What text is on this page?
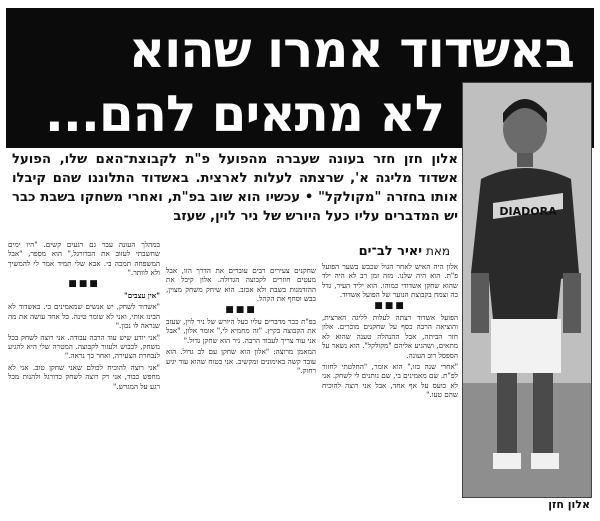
באשדוד אמרו שהוא
לא מתאים להם...
DIADORA
אלון חזן
אלון חזן חזר בעונה שעברה מהפועל פ"ת לקבוצת־האם שלו, הפועל אשדוד מליגה א', שרצתה לעלות לארצית. באשדוד התלוננו שהם קיבלו אותו בחזרה "מקולקל" • עכשיו הוא שוב בפ"ת, ואחרי משחקו בשבת כבר יש המדברים עליו כעל היורש של ניר לוין, שעזב
מאת יאיר לב־ים

אלון היה האיש לאחר הגול שכבש בשער הפועל פ"ת. הוא היה שלנו. מזה זמן רב לא היה ילד שהוא שחקן אשדודי כמוהו. הוא יליד העיר, גדל בה וצמח בקבוצת הנוער של הפועל אשדוד.

■■■

הפועל אשדוד רצתה לעלות לליגה הארצית, והוציאה הרבה כסף על שחקנים מוכרים. אלון חזר הביתה, אבל ההנהלה טענה שהוא לא מתאים, ושהגיע אליהם "מקולקל". הוא נשאר על הספסל רוב העונה.

"אחרי שנה כזו," הוא אומר, "החלטתי לחזור לפ"ת. שם מאמינים בי, שם נותנים לי לשחק. אני לא כועס על אף אחד, אבל אני רוצה להוכיח שהם טעו."

שחקנים צעירים רבים עוברים את הדרך הזו, אבל מעטים חוזרים לקבוצה הגדולה. אלון קיבל את ההזדמנות בשבת ולא אכזב. הוא שיחק משחק מצוין, כבש וסחף את הקהל.

■■■

בפ"ת כבר מדברים עליו כעל היורש של ניר לוין, שעזב את הקבוצה בקיץ. "זה מחמיא לי," אומר אלון, "אבל אני עוד צריך לעבוד הרבה. ניר הוא שחקן גדול."

המאמן מרוצה: "אלון הוא שחקן עם לב גדול. הוא עובד קשה באימונים ומקשיב. אני בטוח שהוא עוד יגיע רחוק."

במהלך העונה עבר גם רגעים קשים. "היו ימים שחשבתי לעזוב את הכדורגל," הוא מספר, "אבל המשפחה תמכה בי. אבא שלי תמיד אמר לי להמשיך ולא לוותר."

■■■

"אין עצבים"

"אשדוד לשחק, יש אנשים שמאמינים בי. באשדוד לא הבינו אותי, ואני לא שומר טינה. כל אחד עושה את מה שנראה לו נכון."

"אני יודע שיש עוד הרבה עבודה. אני רוצה לשחק בכל משחק, לכבוש ולעזור לקבוצה. המטרה שלי היא להגיע לנבחרת הצעירה, ואחר כך נראה."

"אני רוצה להוכיח לכולם שאני שחקן טוב. אני לא מחפש כבוד, אני רק רוצה לשחק כדורגל ולהנות מכל רגע על המגרש."
